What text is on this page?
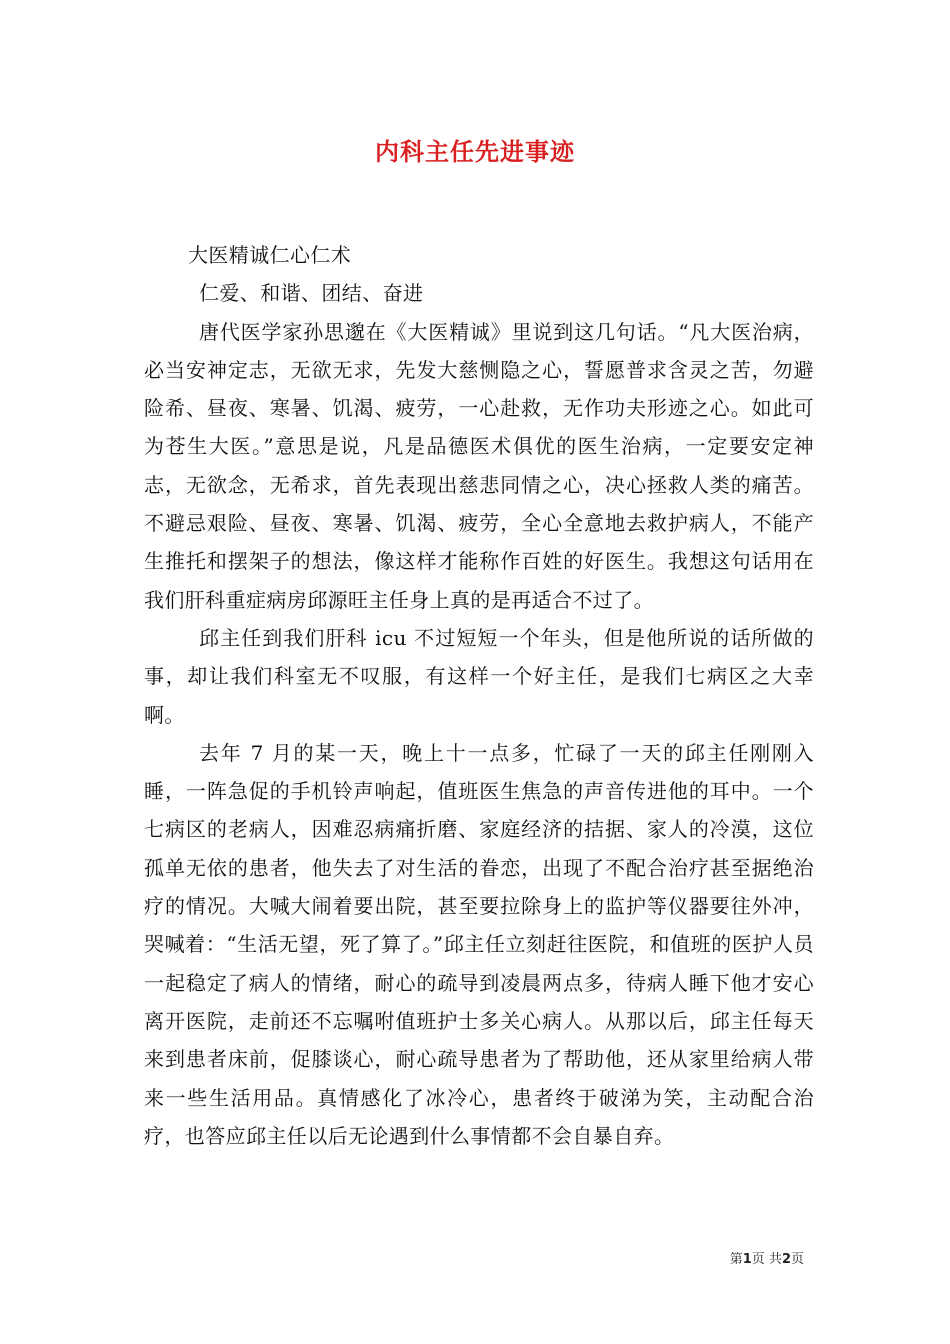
内科主任先进事迹

大医精诚仁心仁术

仁爱、和谐、团结、奋进

唐代医学家孙思邈在《大医精诚》里说到这几句话。“凡大医治病，必当安神定志，无欲无求，先发大慈恻隐之心，誓愿普求含灵之苦，勿避险希、昼夜、寒暑、饥渴、疲劳，一心赴救，无作功夫形迹之心。如此可为苍生大医。”意思是说，凡是品德医术俱优的医生治病，一定要安定神志，无欲念，无希求，首先表现出慈悲同情之心，决心拯救人类的痛苦。不避忌艰险、昼夜、寒暑、饥渴、疲劳，全心全意地去救护病人，不能产生推托和摆架子的想法，像这样才能称作百姓的好医生。我想这句话用在我们肝科重症病房邱源旺主任身上真的是再适合不过了。

邱主任到我们肝科 icu 不过短短一个年头，但是他所说的话所做的事，却让我们科室无不叹服，有这样一个好主任，是我们七病区之大幸啊。

去年 7 月的某一天，晚上十一点多，忙碌了一天的邱主任刚刚入睡，一阵急促的手机铃声响起，值班医生焦急的声音传进他的耳中。一个七病区的老病人，因难忍病痛折磨、家庭经济的拮据、家人的冷漠，这位孤单无依的患者，他失去了对生活的眷恋，出现了不配合治疗甚至据绝治疗的情况。大喊大闹着要出院，甚至要拉除身上的监护等仪器要往外冲，哭喊着：“生活无望，死了算了。”邱主任立刻赶往医院，和值班的医护人员一起稳定了病人的情绪，耐心的疏导到凌晨两点多，待病人睡下他才安心离开医院，走前还不忘嘱咐值班护士多关心病人。从那以后，邱主任每天来到患者床前，促膝谈心，耐心疏导患者为了帮助他，还从家里给病人带来一些生活用品。真情感化了冰冷心，患者终于破涕为笑，主动配合治疗，也答应邱主任以后无论遇到什么事情都不会自暴自弃。

第1页 共2页
